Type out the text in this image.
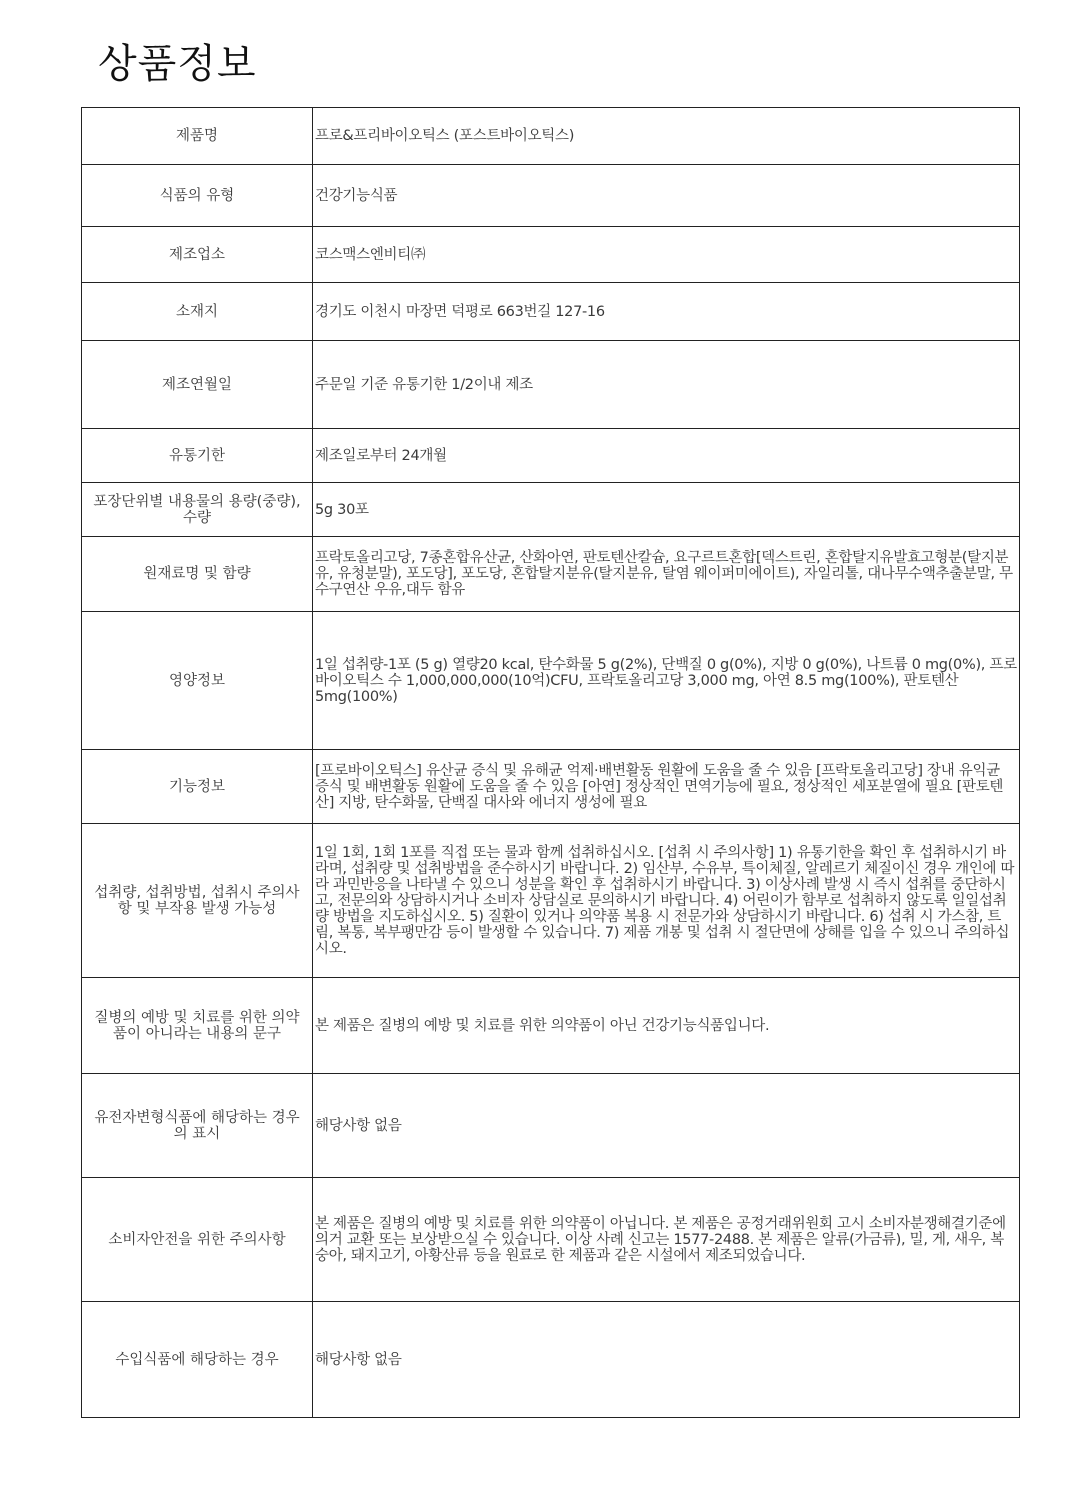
상품정보
제품명	프로&프리바이오틱스 (포스트바이오틱스)
식품의 유형	건강기능식품
제조업소	코스맥스엔비티㈜
소재지	경기도 이천시 마장면 덕평로 663번길 127-16
제조연월일	주문일 기준 유통기한 1/2이내 제조
유통기한	제조일로부터 24개월
포장단위별 내용물의 용량(중량), 수량	5g 30포
원재료명 및 함량	프락토올리고당, 7종혼합유산균, 산화아연, 판토텐산칼슘, 요구르트혼합[덱스트린, 혼합탈지유발효고형분(탈지분유, 유청분말), 포도당], 포도당, 혼합탈지분유(탈지분유, 탈염 웨이퍼미에이트), 자일리톨, 대나무수액추출분말, 무수구연산 우유,대두 함유
영양정보	1일 섭취량-1포 (5 g) 열량20 kcal, 탄수화물 5 g(2%), 단백질 0 g(0%), 지방 0 g(0%), 나트륨 0 mg(0%), 프로바이오틱스 수 1,000,000,000(10억)CFU, 프락토올리고당 3,000 mg, 아연 8.5 mg(100%), 판토텐산 5mg(100%)
기능정보	[프로바이오틱스] 유산균 증식 및 유해균 억제·배변활동 원활에 도움을 줄 수 있음 [프락토올리고당] 장내 유익균 증식 및 배변활동 원활에 도움을 줄 수 있음 [아연] 정상적인 면역기능에 필요, 정상적인 세포분열에 필요 [판토텐산] 지방, 탄수화물, 단백질 대사와 에너지 생성에 필요
섭취량, 섭취방법, 섭취시 주의사항 및 부작용 발생 가능성	1일 1회, 1회 1포를 직접 또는 물과 함께 섭취하십시오. [섭취 시 주의사항] 1) 유통기한을 확인 후 섭취하시기 바라며, 섭취량 및 섭취방법을 준수하시기 바랍니다. 2) 임산부, 수유부, 특이체질, 알레르기 체질이신 경우 개인에 따라 과민반응을 나타낼 수 있으니 성분을 확인 후 섭취하시기 바랍니다. 3) 이상사례 발생 시 즉시 섭취를 중단하시고, 전문의와 상담하시거나 소비자 상담실로 문의하시기 바랍니다. 4) 어린이가 함부로 섭취하지 않도록 일일섭취량 방법을 지도하십시오. 5) 질환이 있거나 의약품 복용 시 전문가와 상담하시기 바랍니다. 6) 섭취 시 가스참, 트림, 복통, 복부팽만감 등이 발생할 수 있습니다. 7) 제품 개봉 및 섭취 시 절단면에 상해를 입을 수 있으니 주의하십시오.
질병의 예방 및 치료를 위한 의약품이 아니라는 내용의 문구	본 제품은 질병의 예방 및 치료를 위한 의약품이 아닌 건강기능식품입니다.
유전자변형식품에 해당하는 경우의 표시	해당사항 없음
소비자안전을 위한 주의사항	본 제품은 질병의 예방 및 치료를 위한 의약품이 아닙니다. 본 제품은 공정거래위원회 고시 소비자분쟁해결기준에 의거 교환 또는 보상받으실 수 있습니다. 이상 사례 신고는 1577-2488. 본 제품은 알류(가금류), 밀, 게, 새우, 복숭아, 돼지고기, 아황산류 등을 원료로 한 제품과 같은 시설에서 제조되었습니다.
수입식품에 해당하는 경우	해당사항 없음
